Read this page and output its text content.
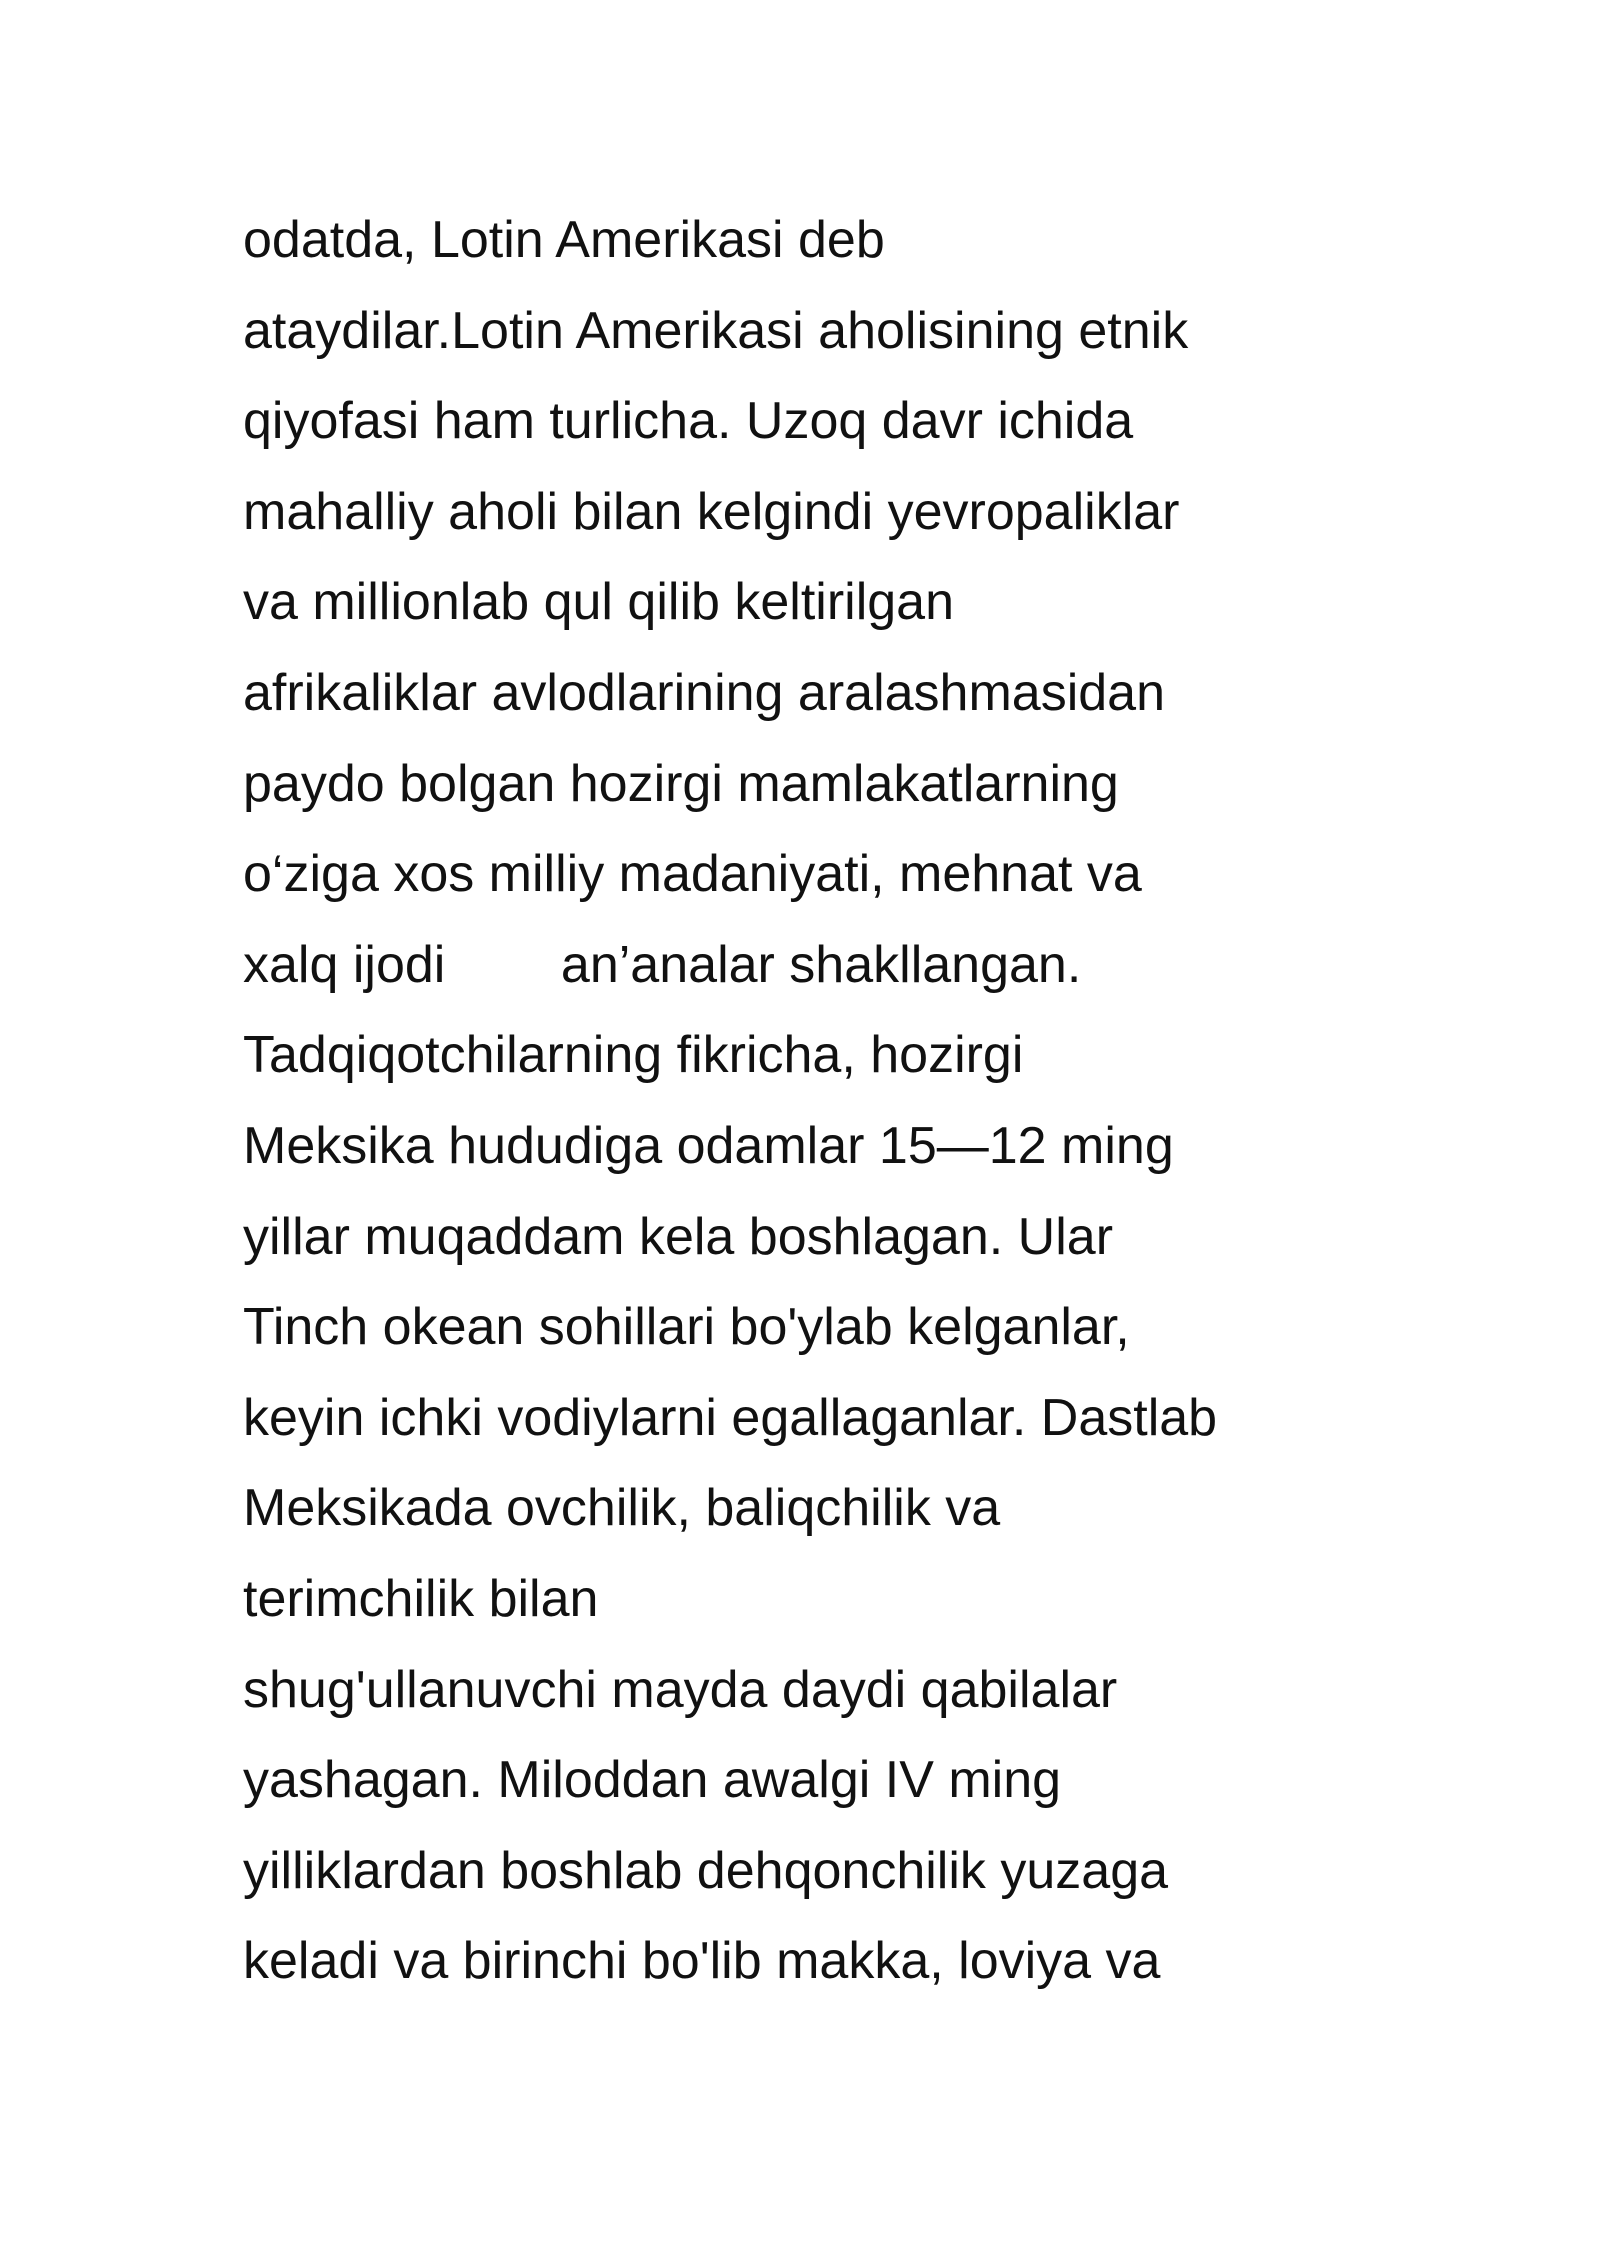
odatda, Lotin Amerikasi deb

ataydilar.Lotin Amerikasi aholisining etnik

qiyofasi ham turlicha. Uzoq davr ichida

mahalliy aholi bilan kelgindi yevropaliklar

va millionlab qul qilib keltirilgan

afrikaliklar avlodlarining aralashmasidan

paydo bolgan hozirgi mamlakatlarning

o‘ziga xos milliy madaniyati, mehnat va

xalq ijodi        an’analar shakllangan.

Tadqiqotchilarning fikricha, hozirgi

Meksika hududiga odamlar 15—12 ming

yillar muqaddam kela boshlagan. Ular

Tinch okean sohillari bo'ylab kelganlar,

keyin ichki vodiylarni egallaganlar. Dastlab

Meksikada ovchilik, baliqchilik va

terimchilik bilan

shug'ullanuvchi mayda daydi qabilalar

yashagan. Miloddan awalgi IV ming

yilliklardan boshlab dehqonchilik yuzaga

keladi va birinchi bo'lib makka, loviya va
